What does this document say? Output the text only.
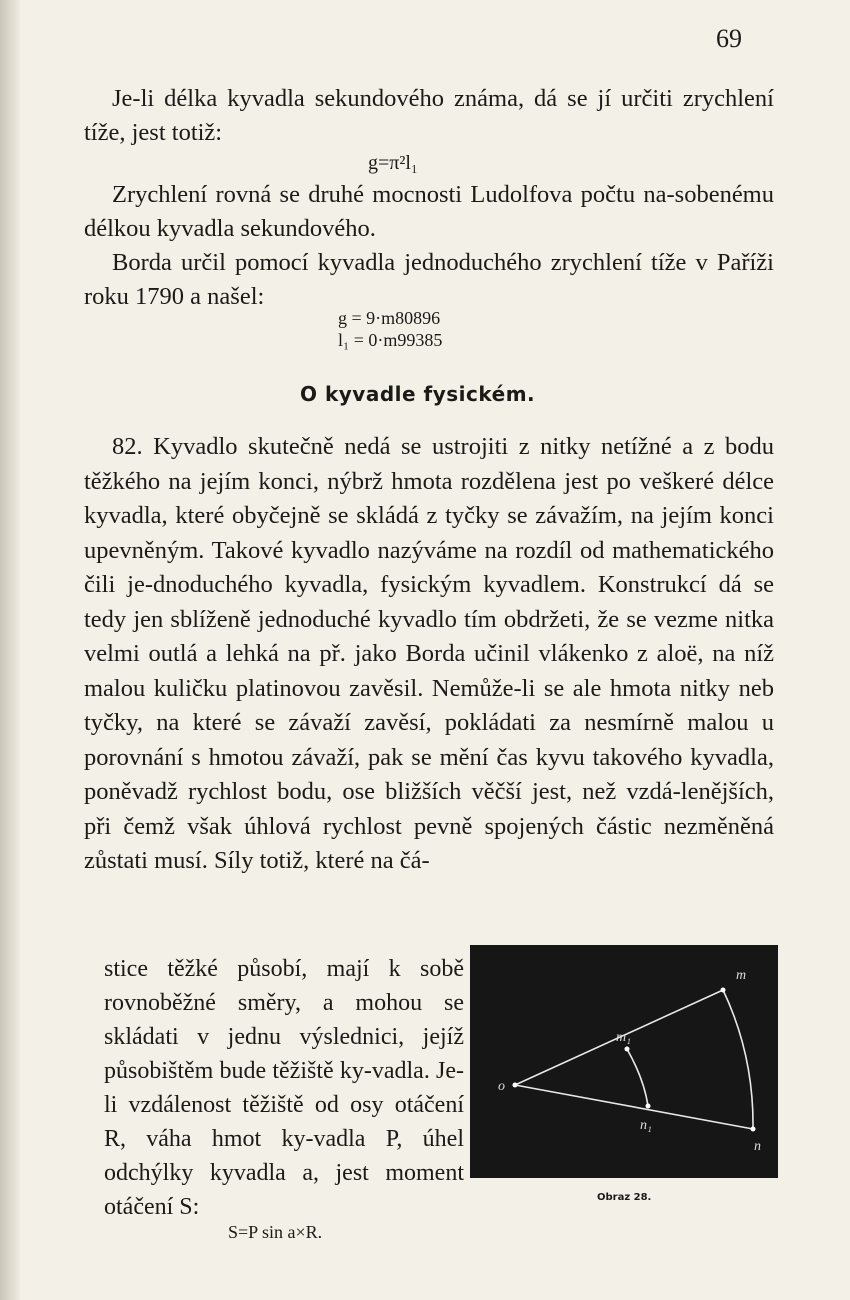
69

Je-li délka kyvadla sekundového známa, dá se jí určiti zrychlení tíže, jest totiž:

g=π²l₁

Zrychlení rovná se druhé mocnosti Ludolfova počtu na-sobenému délkou kyvadla sekundového.

Borda určil pomocí kyvadla jednoduchého zrychlení tíže v Paříži roku 1790 a našel:

g = 9·m80896
l₁ = 0·m99385
O kyvadle fysickém.

82. Kyvadlo skutečně nedá se ustrojiti z nitky netížné a z bodu těžkého na jejím konci, nýbrž hmota rozdělena jest po veškeré délce kyvadla, které obyčejně se skládá z tyčky se závažím, na jejím konci upevněným. Takové kyvadlo nazýváme na rozdíl od mathematického čili je-dnoduchého kyvadla, fysickým kyvadlem. Konstrukcí dá se tedy jen sblíženě jednoduché kyvadlo tím obdržeti, že se vezme nitka velmi outlá a lehká na př. jako Borda učinil vlákenko z aloë, na níž malou kuličku platinovou zavěsil. Nemůže-li se ale hmota nitky neb tyčky, na které se závaží zavěsí, pokládati za nesmírně malou u porovnání s hmotou závaží, pak se mění čas kyvu takového kyvadla, poněvadž rychlost bodu, ose bližších věčší jest, než vzdá-lenějších, při čemž však úhlová rychlost pevně spojených částic nezměněná zůstati musí. Síly totiž, které na čá-

stice těžké působí, mají k sobě rovnoběžné směry, a mohou se skládati v jednu výslednici, jejíž působištěm bude těžiště ky-vadla. Je-li vzdálenost těžiště od osy otáčení R, váha hmot ky-vadla P, úhel odchýlky kyvadla a, jest moment otáčení S:

S=P sin a×R.
m
m₁
o
n₁
n
Obraz 28.
